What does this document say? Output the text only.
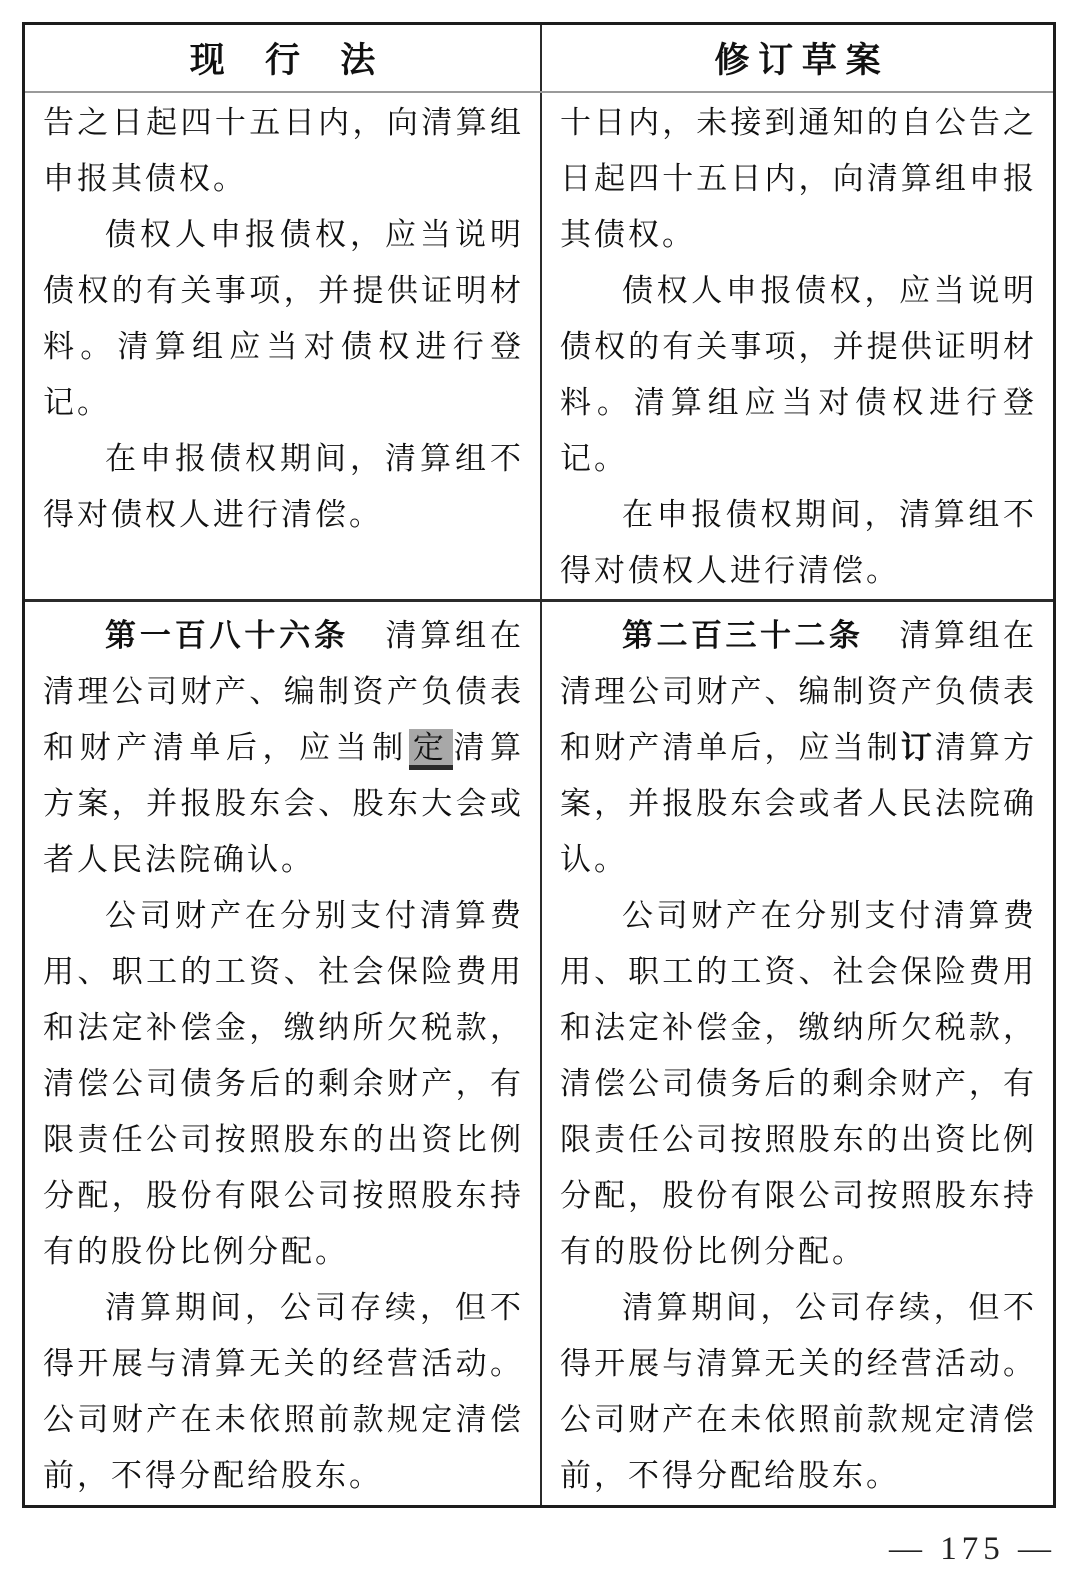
现行法	修订草案

告之日起四十五日内，向清算组申报其债权。

债权人申报债权，应当说明债权的有关事项，并提供证明材料。清算组应当对债权进行登记。

在申报债权期间，清算组不得对债权人进行清偿。

十日内，未接到通知的自公告之日起四十五日内，向清算组申报其债权。

债权人申报债权，应当说明债权的有关事项，并提供证明材料。清算组应当对债权进行登记。

在申报债权期间，清算组不得对债权人进行清偿。

第一百八十六条 清算组在清理公司财产、编制资产负债表和财产清单后，应当制 定 清算方案，并报股东会、股东大会或者人民法院确认。

公司财产在分别支付清算费用、职工的工资、社会保险费用和法定补偿金，缴纳所欠税款，清偿公司债务后的剩余财产，有限责任公司按照股东的出资比例分配，股份有限公司按照股东持有的股份比例分配。

清算期间，公司存续，但不得开展与清算无关的经营活动。公司财产在未依照前款规定清偿前，不得分配给股东。

第二百三十二条 清算组在清理公司财产、编制资产负债表和财产清单后，应当制订清算方案，并报股东会或者人民法院确认。

公司财产在分别支付清算费用、职工的工资、社会保险费用和法定补偿金，缴纳所欠税款，清偿公司债务后的剩余财产，有限责任公司按照股东的出资比例分配，股份有限公司按照股东持有的股份比例分配。

清算期间，公司存续，但不得开展与清算无关的经营活动。公司财产在未依照前款规定清偿前，不得分配给股东。

— 175 —
